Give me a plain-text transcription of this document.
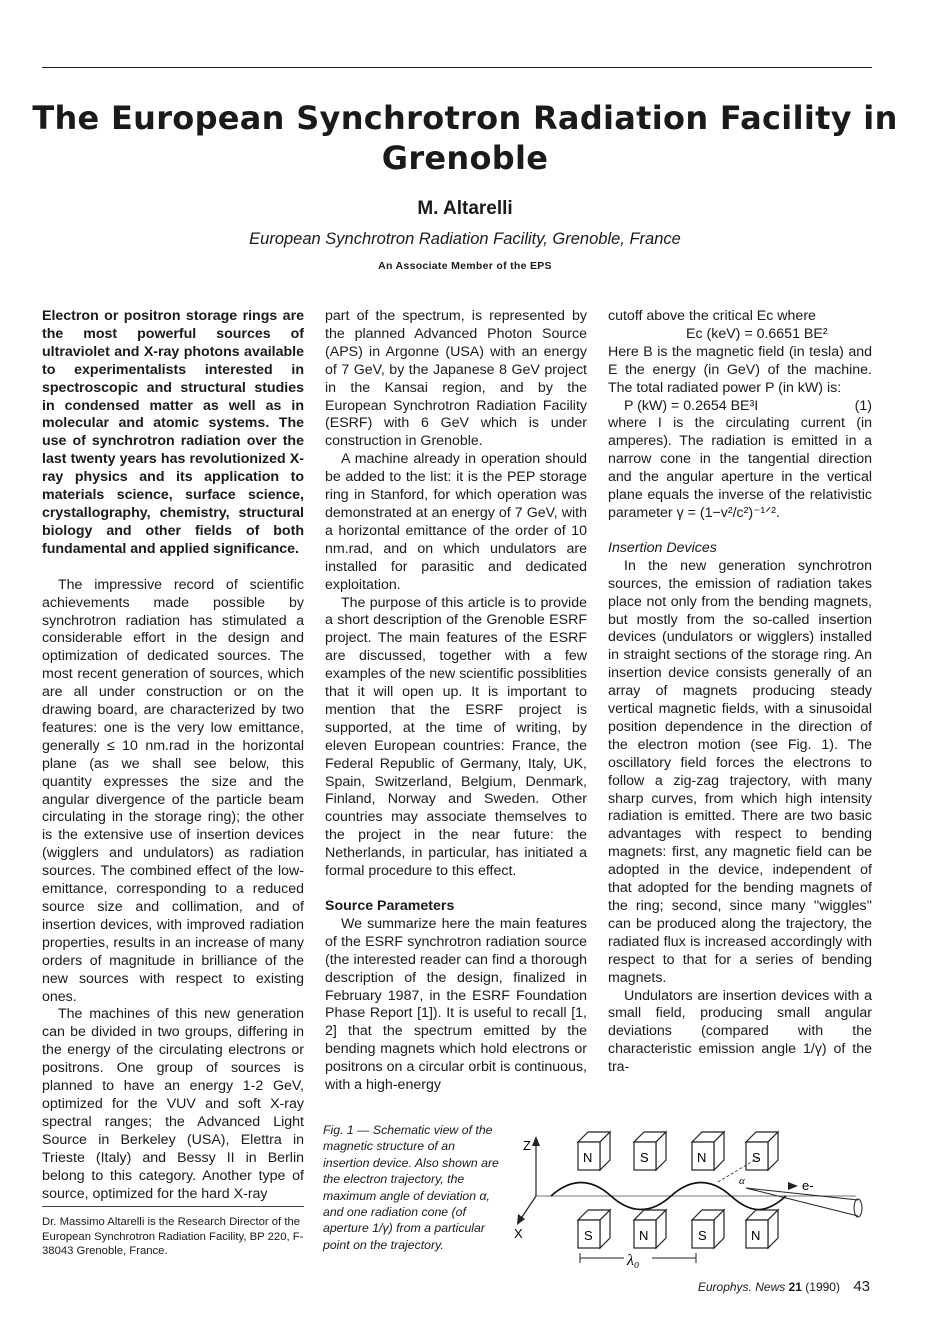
The European Synchrotron Radiation Facility in Grenoble
M. Altarelli
European Synchrotron Radiation Facility, Grenoble, France
An Associate Member of the EPS

Electron or positron storage rings are the most powerful sources of ultraviolet and X-ray photons available to experimentalists interested in spectroscopic and structural studies in condensed matter as well as in molecular and atomic systems. The use of synchrotron radiation over the last twenty years has revolutionized X-ray physics and its application to materials science, surface science, crystallography, chemistry, structural biology and other fields of both fundamental and applied significance.

The impressive record of scientific achievements made possible by synchrotron radiation has stimulated a considerable effort in the design and optimization of dedicated sources. The most recent generation of sources, which are all under construction or on the drawing board, are characterized by two features: one is the very low emittance, generally ≤ 10 nm.rad in the horizontal plane (as we shall see below, this quantity expresses the size and the angular divergence of the particle beam circulating in the storage ring); the other is the extensive use of insertion devices (wigglers and undulators) as radiation sources. The combined effect of the low-emittance, corresponding to a reduced source size and collimation, and of insertion devices, with improved radiation properties, results in an increase of many orders of magnitude in brilliance of the new sources with respect to existing ones.

The machines of this new generation can be divided in two groups, differing in the energy of the circulating electrons or positrons. One group of sources is planned to have an energy 1-2 GeV, optimized for the VUV and soft X-ray spectral ranges; the Advanced Light Source in Berkeley (USA), Elettra in Trieste (Italy) and Bessy II in Berlin belong to this category. Another type of source, optimized for the hard X-ray

Dr. Massimo Altarelli is the Research Director of the European Synchrotron Radiation Facility, BP 220, F-38043 Grenoble, France.

part of the spectrum, is represented by the planned Advanced Photon Source (APS) in Argonne (USA) with an energy of 7 GeV, by the Japanese 8 GeV project in the Kansai region, and by the European Synchrotron Radiation Facility (ESRF) with 6 GeV which is under construction in Grenoble.

A machine already in operation should be added to the list: it is the PEP storage ring in Stanford, for which operation was demonstrated at an energy of 7 GeV, with a horizontal emittance of the order of 10 nm.rad, and on which undulators are installed for parasitic and dedicated exploitation.

The purpose of this article is to provide a short description of the Grenoble ESRF project. The main features of the ESRF are discussed, together with a few examples of the new scientific possiblities that it will open up. It is important to mention that the ESRF project is supported, at the time of writing, by eleven European countries: France, the Federal Republic of Germany, Italy, UK, Spain, Switzerland, Belgium, Denmark, Finland, Norway and Sweden. Other countries may associate themselves to the project in the near future: the Netherlands, in particular, has initiated a formal procedure to this effect.

Source Parameters

We summarize here the main features of the ESRF synchrotron radiation source (the interested reader can find a thorough description of the design, finalized in February 1987, in the ESRF Foundation Phase Report [1]). It is useful to recall [1, 2] that the spectrum emitted by the bending magnets which hold electrons or positrons on a circular orbit is continuous, with a high-energy

cutoff above the critical Ec where

Ec (keV) = 0.6651 BE²

Here B is the magnetic field (in tesla) and E the energy (in GeV) of the machine. The total radiated power P (in kW) is:

P (kW) = 0.2654 BE³I	(1)

where I is the circulating current (in amperes). The radiation is emitted in a narrow cone in the tangential direction and the angular aperture in the vertical plane equals the inverse of the relativistic parameter γ = (1−v²/c²)⁻¹ᐟ².

Insertion Devices

In the new generation synchrotron sources, the emission of radiation takes place not only from the bending magnets, but mostly from the so-called insertion devices (undulators or wigglers) installed in straight sections of the storage ring. An insertion device consists generally of an array of magnets producing steady vertical magnetic fields, with a sinusoidal position dependence in the direction of the electron motion (see Fig. 1). The oscillatory field forces the electrons to follow a zig-zag trajectory, with many sharp curves, from which high intensity radiation is emitted. There are two basic advantages with respect to bending magnets: first, any magnetic field can be adopted in the device, independent of that adopted for the bending magnets of the ring; second, since many ''wiggles'' can be produced along the trajectory, the radiated flux is increased accordingly with respect to that for a series of bending magnets.

Undulators are insertion devices with a small field, producing small angular deviations (compared with the characteristic emission angle 1/γ) of the tra-

Fig. 1 — Schematic view of the magnetic structure of an insertion device. Also shown are the electron trajectory, the maximum angle of deviation α, and one radiation cone (of aperture 1/γ) from a particular point on the trajectory.
Z
X
N	S	N	S
α	e-
S	N	S	N
λ₀
Europhys. News 21 (1990) 43
